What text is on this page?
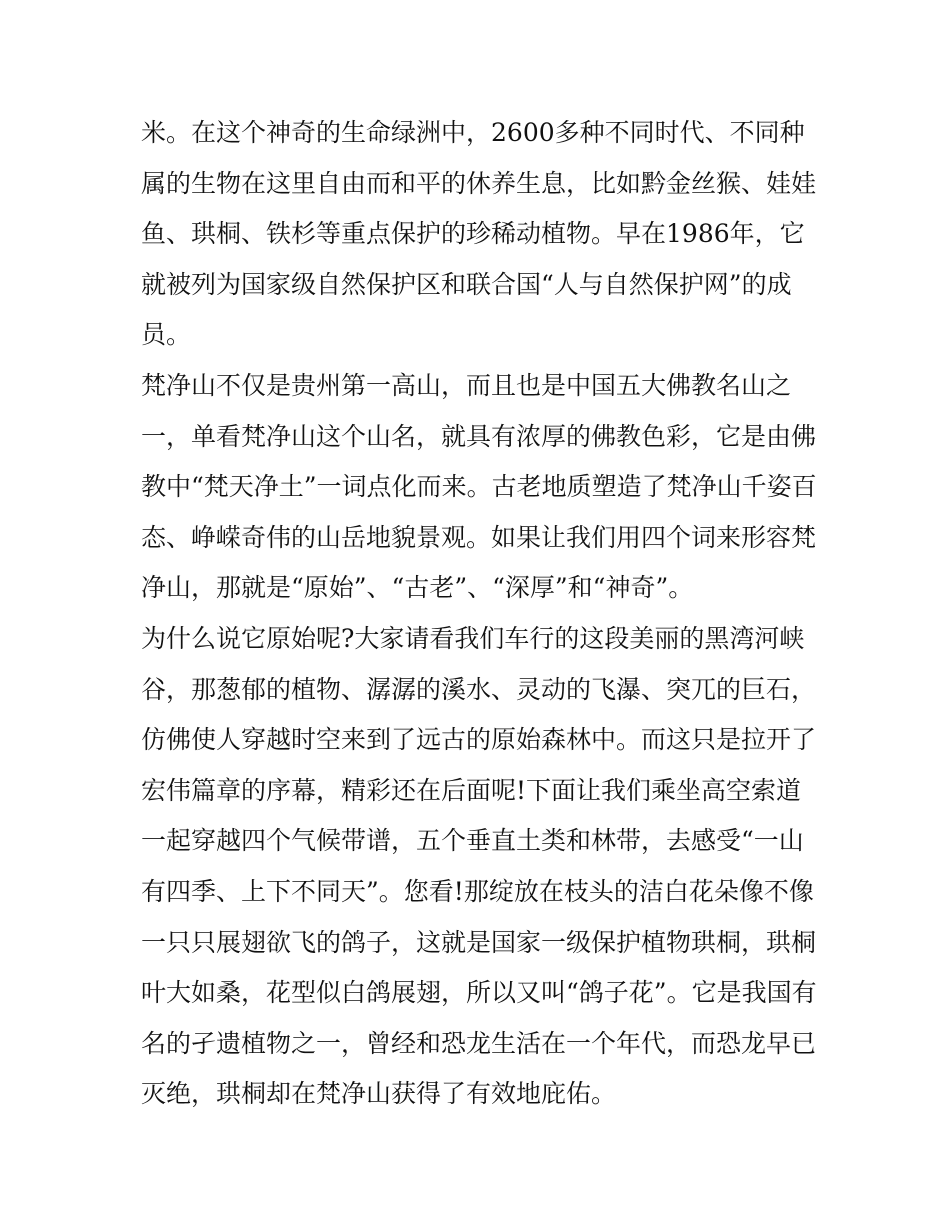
米。在这个神奇的生命绿洲中，2600多种不同时代、不同种
属的生物在这里自由而和平的休养生息，比如黔金丝猴、娃娃
鱼、珙桐、铁杉等重点保护的珍稀动植物。早在1986年，它
就被列为国家级自然保护区和联合国“人与自然保护网”的成
员。
梵净山不仅是贵州第一高山，而且也是中国五大佛教名山之
一，单看梵净山这个山名，就具有浓厚的佛教色彩，它是由佛
教中“梵天净土”一词点化而来。古老地质塑造了梵净山千姿百
态、峥嵘奇伟的山岳地貌景观。如果让我们用四个词来形容梵
净山，那就是“原始”、“古老”、“深厚”和“神奇”。
为什么说它原始呢?大家请看我们车行的这段美丽的黑湾河峡
谷，那葱郁的植物、潺潺的溪水、灵动的飞瀑、突兀的巨石，
仿佛使人穿越时空来到了远古的原始森林中。而这只是拉开了
宏伟篇章的序幕，精彩还在后面呢!下面让我们乘坐高空索道
一起穿越四个气候带谱，五个垂直土类和林带，去感受“一山
有四季、上下不同天”。您看!那绽放在枝头的洁白花朵像不像
一只只展翅欲飞的鸽子，这就是国家一级保护植物珙桐，珙桐
叶大如桑，花型似白鸽展翅，所以又叫“鸽子花”。它是我国有
名的孑遗植物之一，曾经和恐龙生活在一个年代，而恐龙早已
灭绝，珙桐却在梵净山获得了有效地庇佑。
